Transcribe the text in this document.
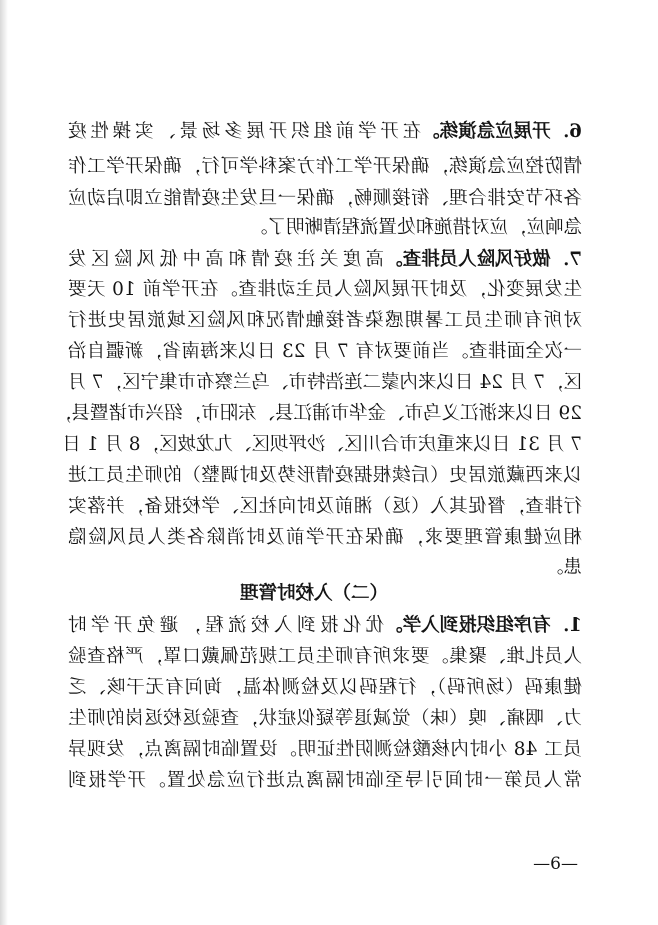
6．开展应急演练。
在开学前组织开展多场景、实操性疫
情防控应急演练，确保开学工作方案科学可行，确保开学工作
各环节安排合理、衔接顺畅，确保一旦发生疫情能立即启动应
急响应，应对措施和处置流程清晰明了。
7．做好风险人员排查。
高度关注疫情和高中低风险区发
生发展变化，及时开展风险人员主动排查。在开学前 10 天要
对所有师生员工暑期感染者接触情况和风险区域旅居史进行
一次全面排查。当前要对有 7 月 23 日以来海南省，新疆自治
区，7 月 24 日以来内蒙二连浩特市、乌兰察布市集宁区，7 月
29 日以来浙江义乌市、金华市浦江县、东阳市，绍兴市诸暨县，
7 月 31 日以来重庆市合川区、沙坪坝区、九龙坡区，8 月 1 日
以来西藏旅居史（后续根据疫情形势及时调整）的师生员工进
行排查，督促其入（返）湘前及时向社区、学校报备，并落实
相应健康管理要求，确保在开学前及时消除各类人员风险隐
患。
1．有序组织报到入学。
优化报到入校流程，避免开学时
人员扎堆、聚集。要求所有师生员工规范佩戴口罩，严格查验
健康码（场所码），行程码以及检测体温，询问有无干咳、乏
力、咽痛、嗅（味）觉减退等疑似症状，查验返校返岗的师生
员工 48 小时内核酸检测阴性证明。设置临时隔离点，发现异
常人员第一时间引导至临时隔离点进行应急处置。开学报到
（二）入校时管理
—6—
